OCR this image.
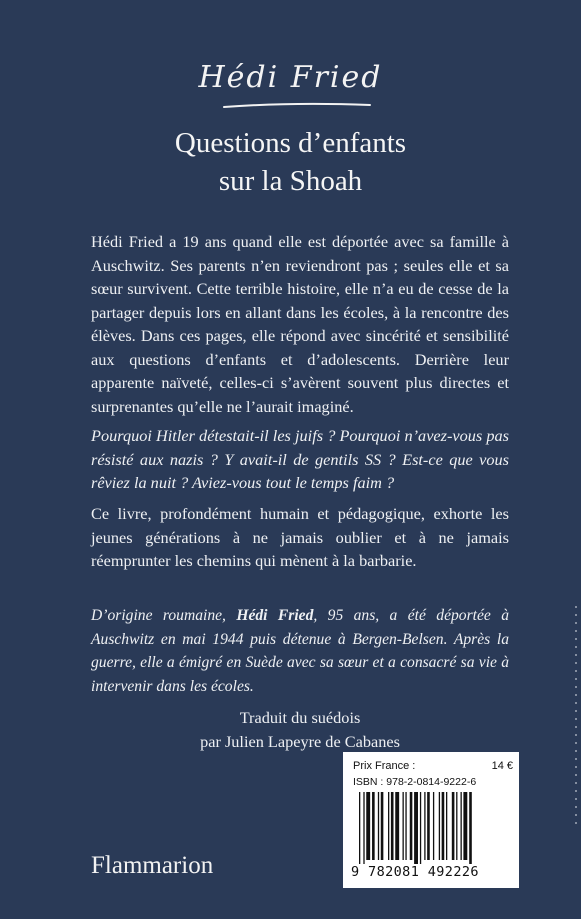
Hédi Fried
Questions d’enfants
sur la Shoah
Hédi Fried a 19 ans quand elle est déportée avec sa famille à Auschwitz. Ses parents n’en reviendront pas ; seules elle et sa sœur survivent. Cette terrible histoire, elle n’a eu de cesse de la partager depuis lors en allant dans les écoles, à la rencontre des élèves. Dans ces pages, elle répond avec sincérité et sensibilité aux questions d’enfants et d’adolescents. Derrière leur apparente naïveté, celles-ci s’avèrent souvent plus directes et surprenantes qu’elle ne l’aurait imaginé.
Pourquoi Hitler détestait-il les juifs ? Pourquoi n’avez-vous pas résisté aux nazis ? Y avait-il de gentils SS ? Est-ce que vous rêviez la nuit ? Aviez-vous tout le temps faim ?
Ce livre, profondément humain et pédagogique, exhorte les jeunes générations à ne jamais oublier et à ne jamais réemprunter les chemins qui mènent à la barbarie.
D’origine roumaine, Hédi Fried, 95 ans, a été déportée à Auschwitz en mai 1944 puis détenue à Bergen-Belsen. Après la guerre, elle a émigré en Suède avec sa sœur et a consacré sa vie à intervenir dans les écoles.
Traduit du suédois
par Julien Lapeyre de Cabanes
Flammarion
Prix France :	14 €
ISBN : 978-2-0814-9222-6
9 782081 492226
